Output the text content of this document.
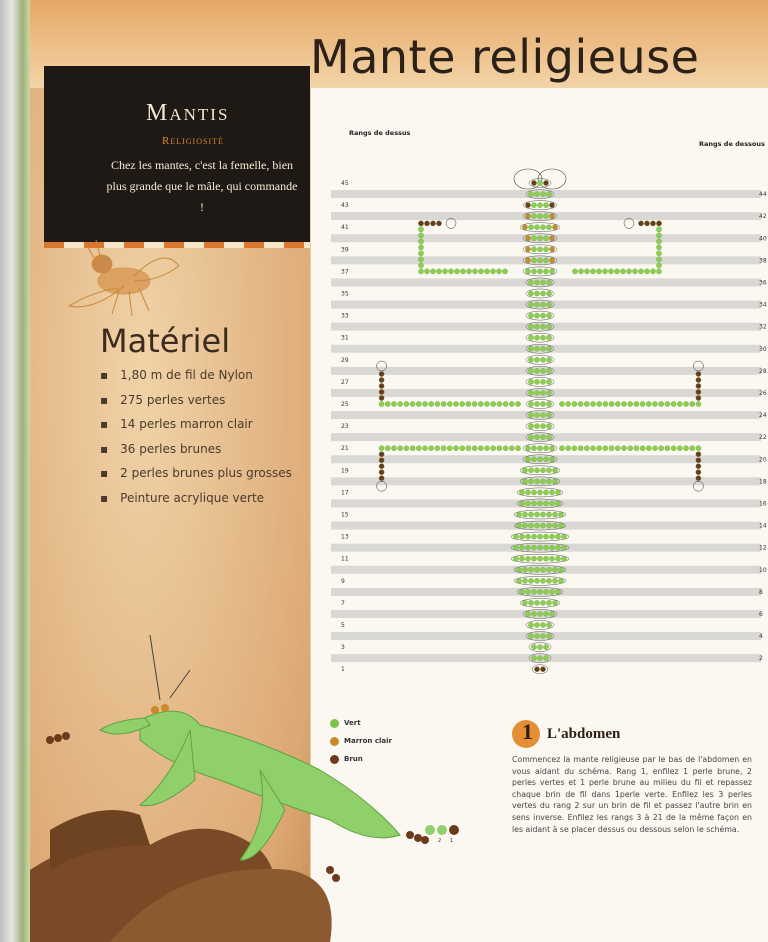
Mante religieuse
Mantis
Religiosité
Chez les mantes, c'est la femelle, bien plus grande que le mâle, qui commande !
Matériel
▪ 1,80 m de fil de Nylon
▪ 275 perles vertes
▪ 14 perles marron clair
▪ 36 perles brunes
▪ 2 perles brunes plus grosses
▪ Peinture acrylique verte
Rangs de dessus
Rangs de dessous
45
43
41
39
37
35
33
31
29
27
25
23
21
19
17
15
13
11
9
7
5
3
1
44
42
40
38
36
34
32
30
28
26
24
22
20
18
16
14
12
10
8
6
4
2
2 1
Vert
Marron clair
Brun
1 L'abdomen
Commencez la mante religieuse par le bas de l'abdomen en vous aidant du schéma. Rang 1, enfilez 1 perle brune, 2 perles vertes et 1 perle brune au milieu du fil et repassez chaque brin de fil dans 1perle verte. Enfilez les 3 perles vertes du rang 2 sur un brin de fil et passez l'autre brin en sens inverse. Enfilez les rangs 3 à 21 de la même façon en les aidant à se placer dessus ou dessous selon le schéma.
